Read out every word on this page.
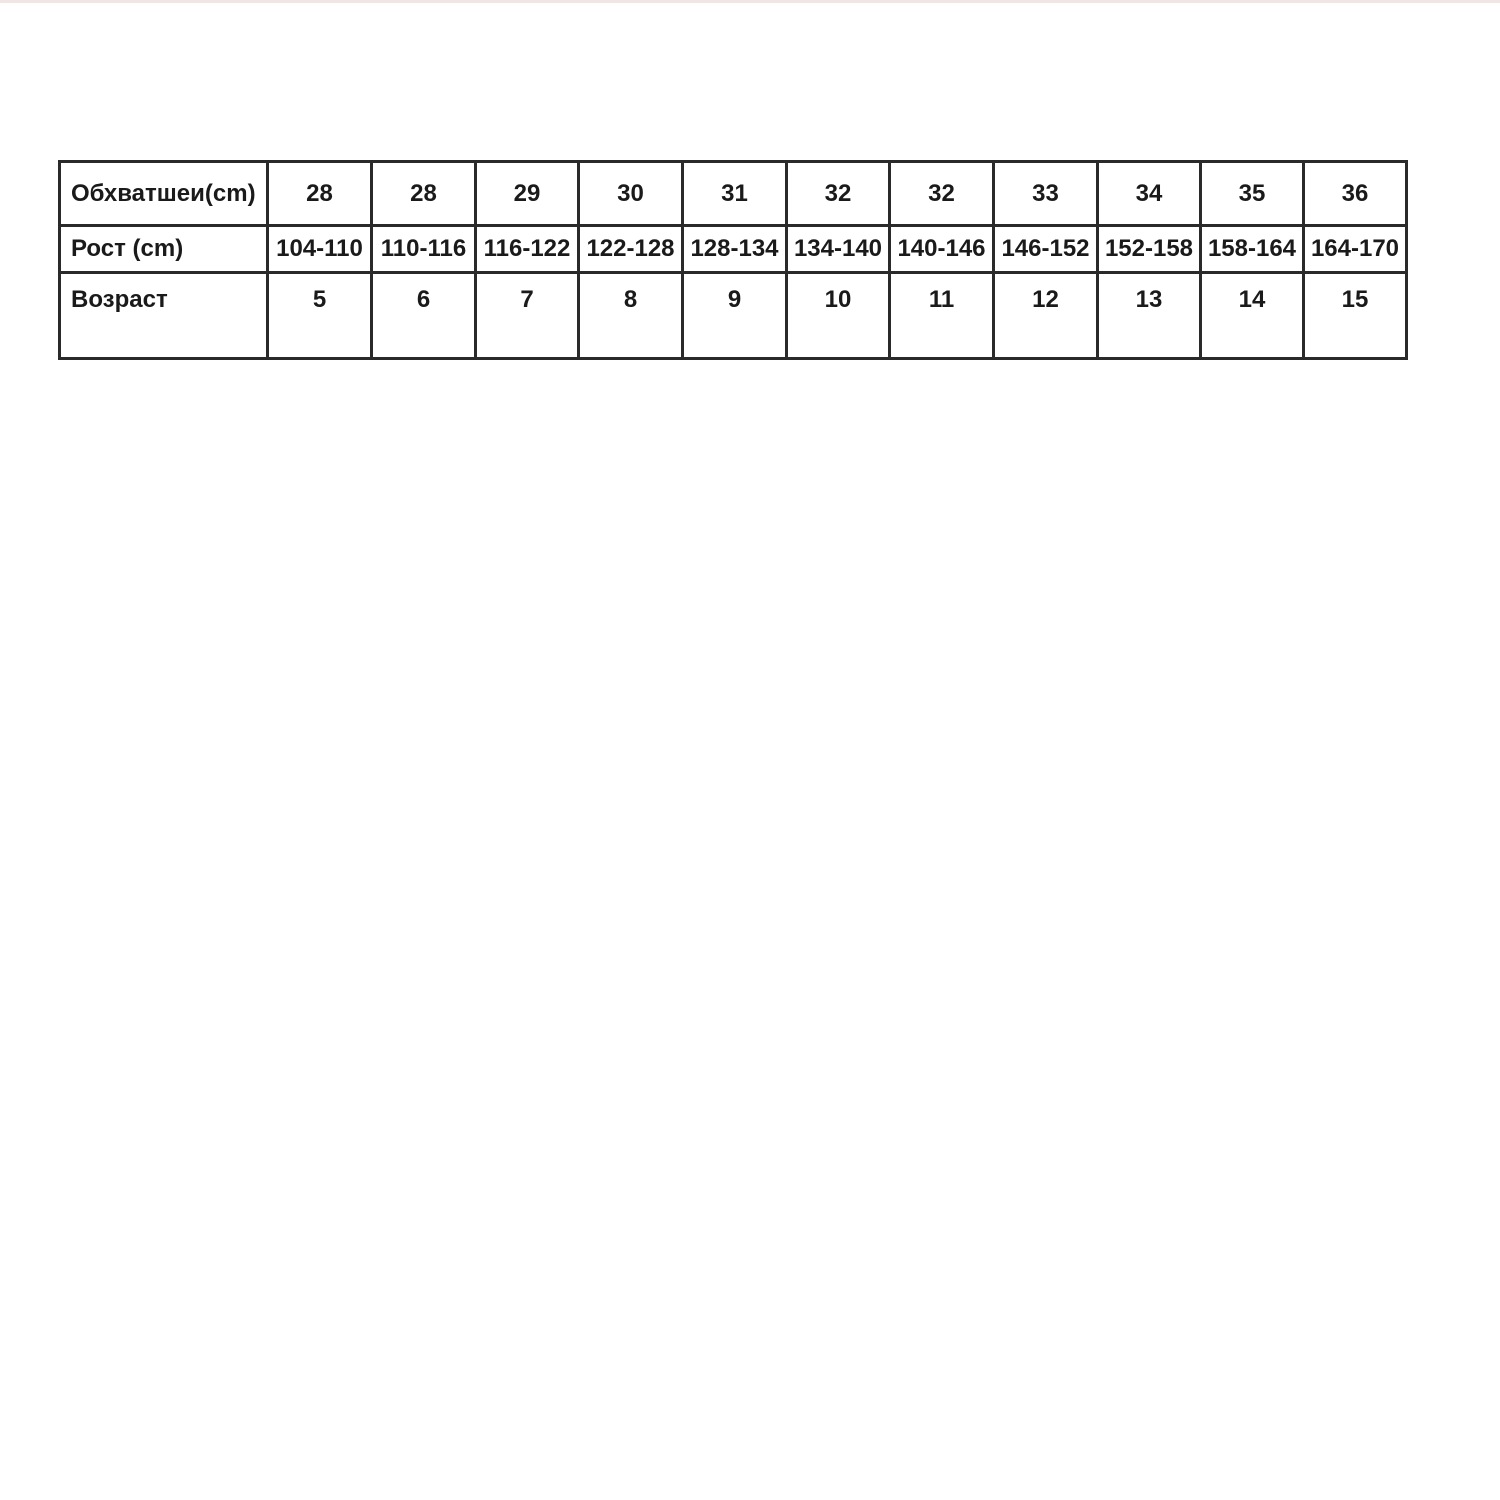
Обхватшеи(cm)	28	28	29	30	31	32	32	33	34	35	36
Рост (cm)	104-110	110-116	116-122	122-128	128-134	134-140	140-146	146-152	152-158	158-164	164-170
Возраст	5	6	7	8	9	10	11	12	13	14	15
